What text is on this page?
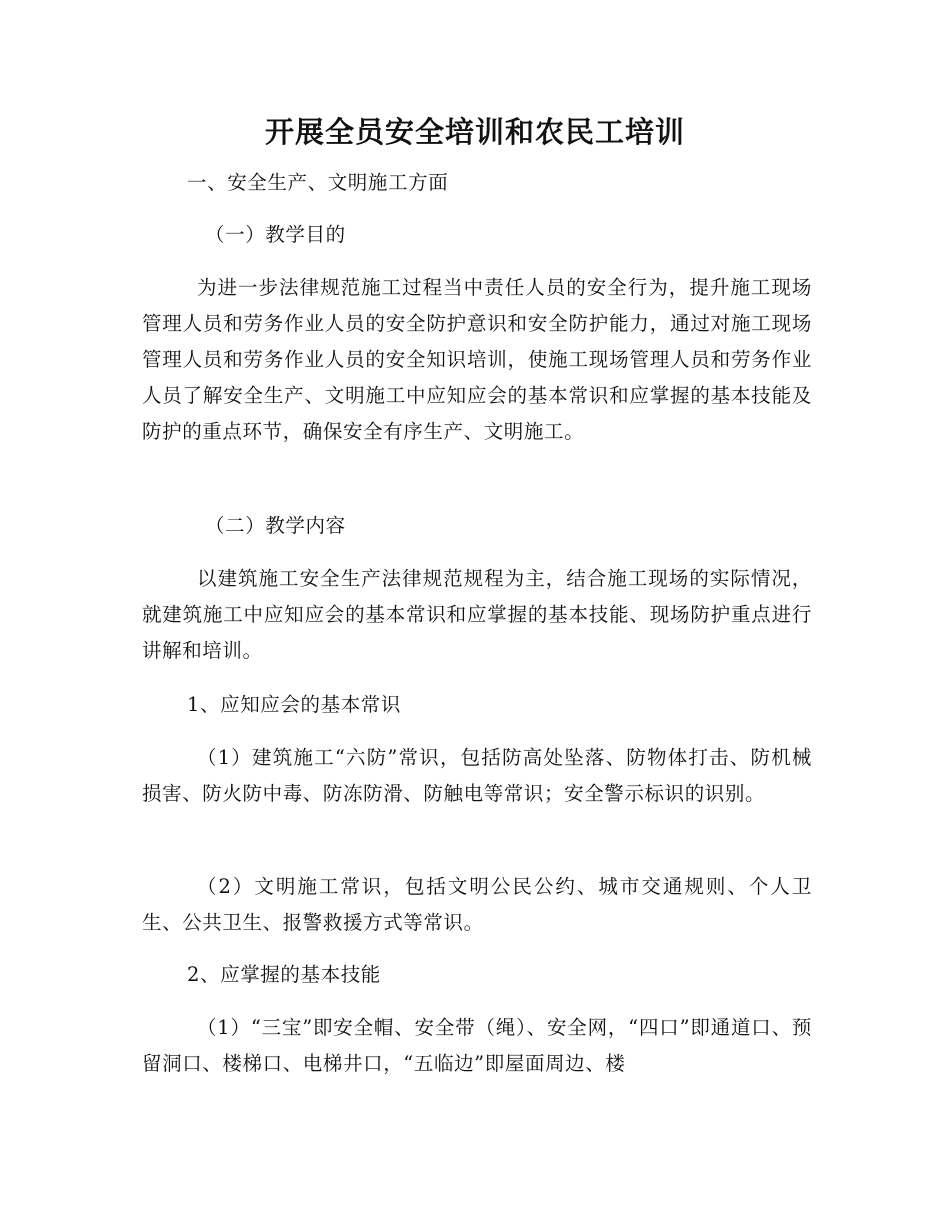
开展全员安全培训和农民工培训
一、安全生产、文明施工方面
（一）教学目的

为进一步法律规范施工过程当中责任人员的安全行为，提升施工现场管理人员和劳务作业人员的安全防护意识和安全防护能力，通过对施工现场管理人员和劳务作业人员的安全知识培训，使施工现场管理人员和劳务作业人员了解安全生产、文明施工中应知应会的基本常识和应掌握的基本技能及防护的重点环节，确保安全有序生产、文明施工。

（二）教学内容

以建筑施工安全生产法律规范规程为主，结合施工现场的实际情况，就建筑施工中应知应会的基本常识和应掌握的基本技能、现场防护重点进行讲解和培训。

1、应知应会的基本常识

（1）建筑施工“六防”常识，包括防高处坠落、防物体打击、防机械损害、防火防中毒、防冻防滑、防触电等常识；安全警示标识的识别。

（2）文明施工常识，包括文明公民公约、城市交通规则、个人卫生、公共卫生、报警救援方式等常识。

2、应掌握的基本技能

（1）“三宝”即安全帽、安全带（绳）、安全网，“四口”即通道口、预留洞口、楼梯口、电梯井口，“五临边”即屋面周边、楼
